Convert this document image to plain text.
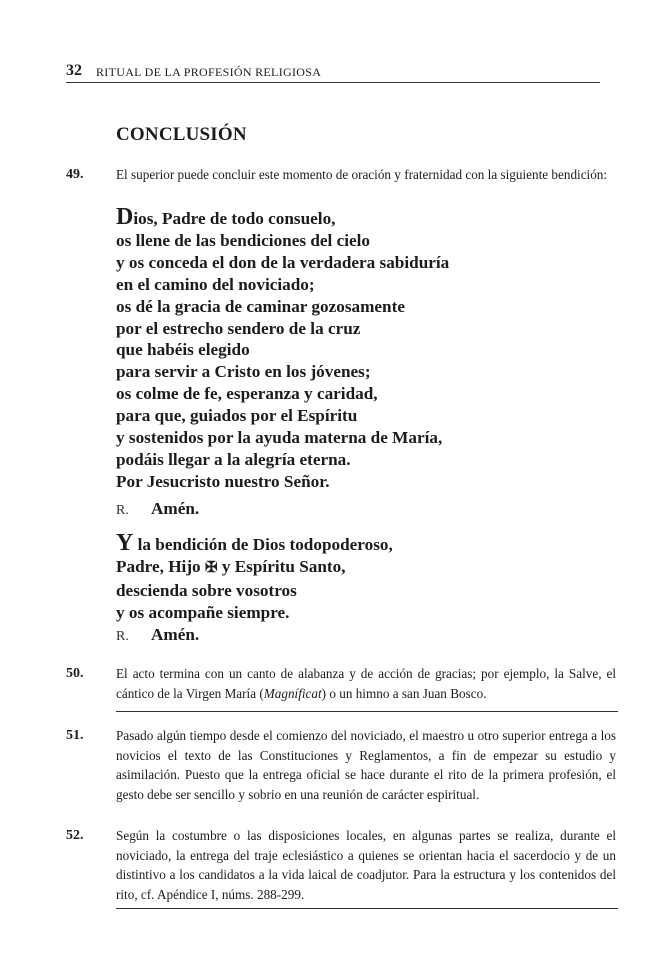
32 RITUAL DE LA PROFESIÓN RELIGIOSA
CONCLUSIÓN
49. El superior puede concluir este momento de oración y fraternidad con la siguiente bendición:
Dios, Padre de todo consuelo,
os llene de las bendiciones del cielo
y os conceda el don de la verdadera sabiduría
en el camino del noviciado;
os dé la gracia de caminar gozosamente
por el estrecho sendero de la cruz
que habéis elegido
para servir a Cristo en los jóvenes;
os colme de fe, esperanza y caridad,
para que, guiados por el Espíritu
y sostenidos por la ayuda materna de María,
podáis llegar a la alegría eterna.
Por Jesucristo nuestro Señor.
R. Amén.
Y la bendición de Dios todopoderoso,
Padre, Hijo ✠ y Espíritu Santo,
descienda sobre vosotros
y os acompañe siempre.
R. Amén.
50. El acto termina con un canto de alabanza y de acción de gracias; por ejemplo, la Salve, el cántico de la Virgen María (Magníficat) o un himno a san Juan Bosco.
51. Pasado algún tiempo desde el comienzo del noviciado, el maestro u otro superior entrega a los novicios el texto de las Constituciones y Reglamentos, a fin de empezar su estudio y asimilación. Puesto que la entrega oficial se hace durante el rito de la primera profesión, el gesto debe ser sencillo y sobrio en una reunión de carácter espiritual.
52. Según la costumbre o las disposiciones locales, en algunas partes se realiza, durante el noviciado, la entrega del traje eclesiástico a quienes se orientan hacia el sacerdocio y de un distintivo a los candidatos a la vida laical de coadjutor. Para la estructura y los contenidos del rito, cf. Apéndice I, núms. 288-299.
